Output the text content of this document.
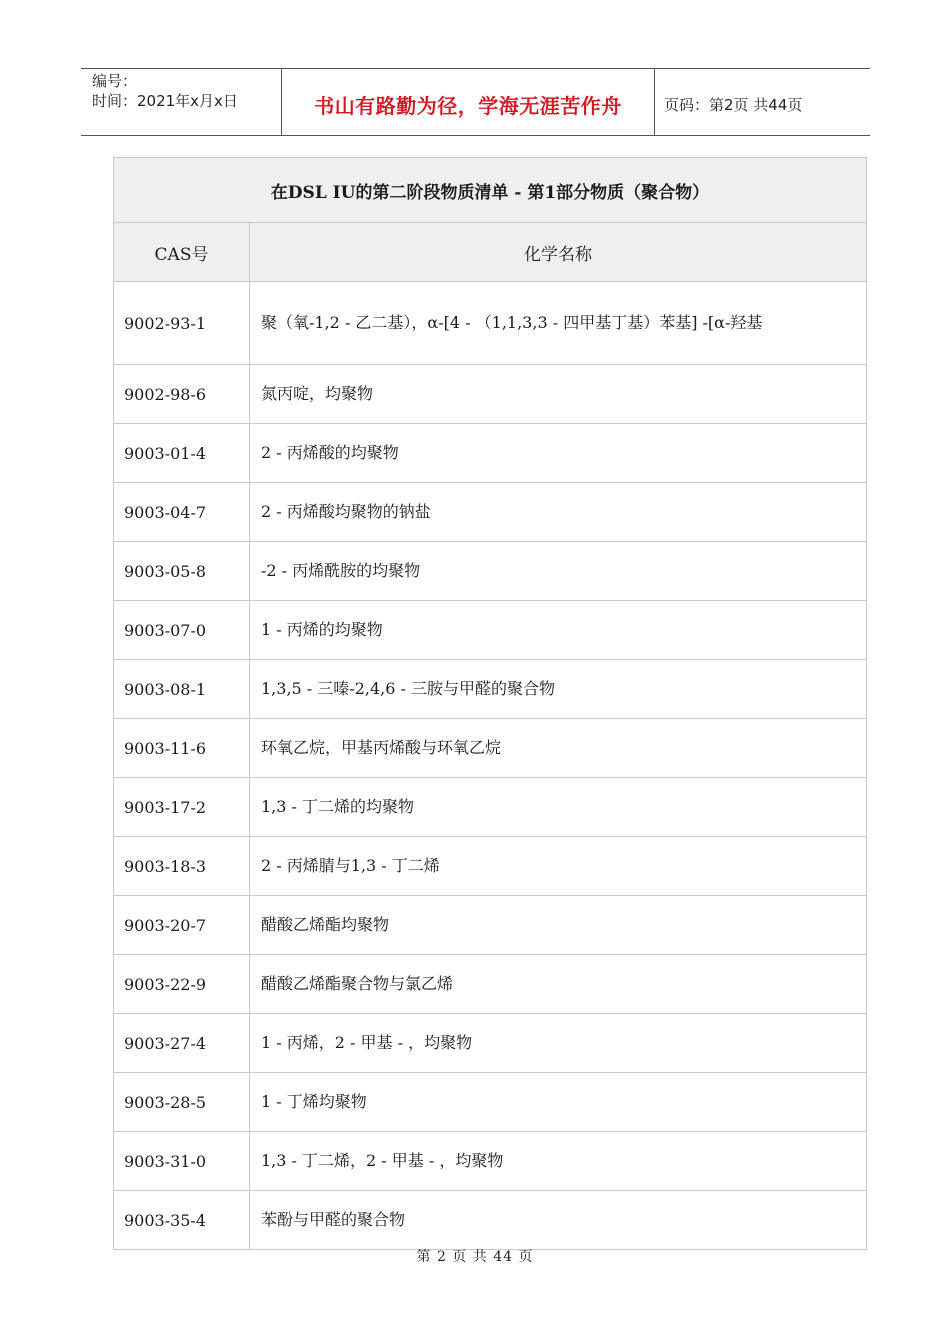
编号：
时间：2021年x月x日	书山有路勤为径，学海无涯苦作舟	页码：第2页 共44页
在DSL IU的第二阶段物质清单 - 第1部分物质（聚合物）	
CAS号	化学名称
9002-93-1	聚（氧-1,2 - 乙二基），α-[4 - （1,1,3,3 - 四甲基丁基）苯基] -[α-羟基
9002-98-6	氮丙啶，均聚物
9003-01-4	2 - 丙烯酸的均聚物
9003-04-7	2 - 丙烯酸均聚物的钠盐
9003-05-8	-2 - 丙烯酰胺的均聚物
9003-07-0	1 - 丙烯的均聚物
9003-08-1	1,3,5 - 三嗪-2,4,6 - 三胺与甲醛的聚合物
9003-11-6	环氧乙烷，甲基丙烯酸与环氧乙烷
9003-17-2	1,3 - 丁二烯的均聚物
9003-18-3	2 - 丙烯腈与1,3 - 丁二烯
9003-20-7	醋酸乙烯酯均聚物
9003-22-9	醋酸乙烯酯聚合物与氯乙烯
9003-27-4	1 - 丙烯，2 - 甲基 - ，均聚物
9003-28-5	1 - 丁烯均聚物
9003-31-0	1,3 - 丁二烯，2 - 甲基 - ，均聚物
9003-35-4	苯酚与甲醛的聚合物
第 2 页 共 44 页
